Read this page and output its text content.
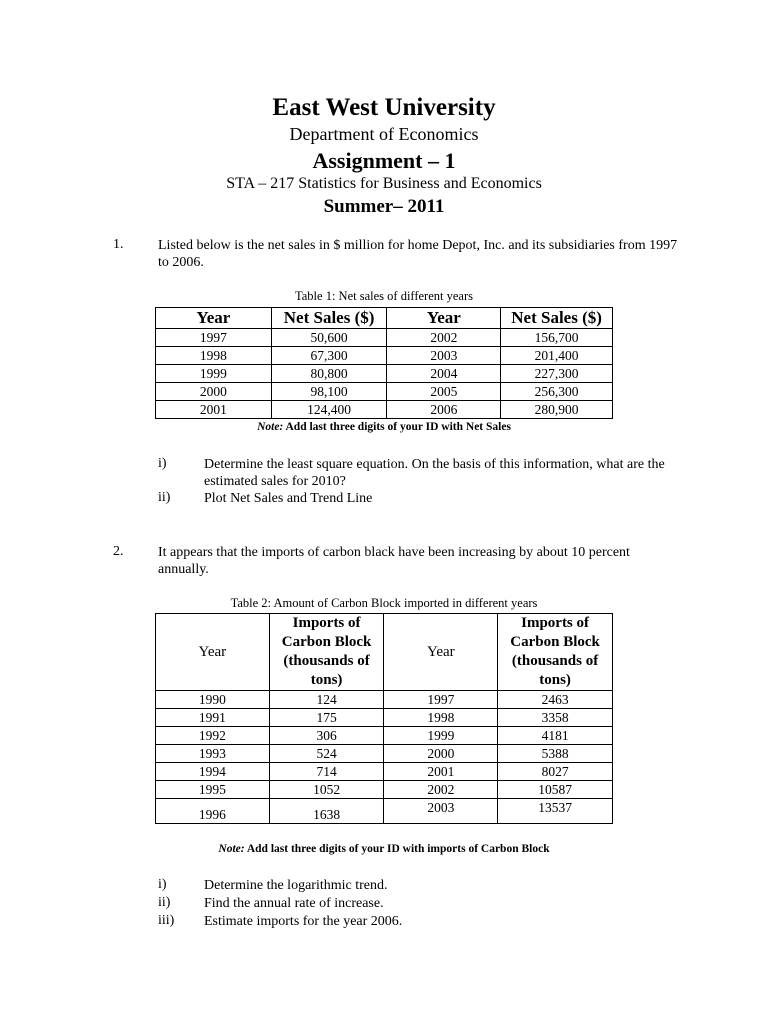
East West University
Department of Economics
Assignment – 1
STA – 217 Statistics for Business and Economics
Summer– 2011
1. Listed below is the net sales in $ million for home Depot, Inc. and its subsidiaries from 1997 to 2006.
Table 1: Net sales of different years
Year	Net Sales ($)	Year	Net Sales ($)
1997	50,600	2002	156,700
1998	67,300	2003	201,400
1999	80,800	2004	227,300
2000	98,100	2005	256,300
2001	124,400	2006	280,900
Note: Add last three digits of your ID with Net Sales
i)	Determine the least square equation. On the basis of this information, what are the estimated sales for 2010?
ii) Plot Net Sales and Trend Line
2. It appears that the imports of carbon black have been increasing by about 10 percent annually.
Table 2: Amount of Carbon Block imported in different years
Year	Imports of Carbon Block (thousands of tons)	Year	Imports of Carbon Block (thousands of tons)
1990	124	1997	2463
1991	175	1998	3358
1992	306	1999	4181
1993	524	2000	5388
1994	714	2001	8027
1995	1052	2002	10587
1996	1638	2003	13537
Note: Add last three digits of your ID with imports of Carbon Block
i)	Determine the logarithmic trend.
ii) Find the annual rate of increase.
iii) Estimate imports for the year 2006.
